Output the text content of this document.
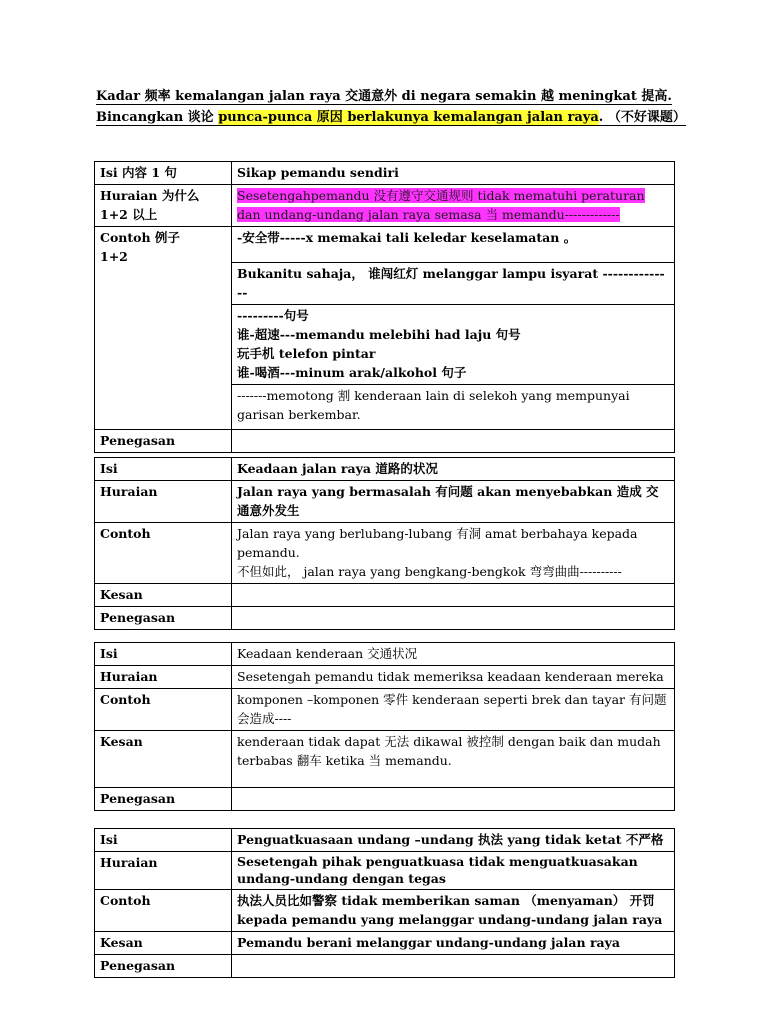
Kadar 频率 kemalangan jalan raya 交通意外 di negara semakin 越 meningkat 提高.
Bincangkan 谈论 punca-punca 原因 berlakunya kemalangan jalan raya. （不好课题）
Isi 内容 1 句	Sikap pemandu sendiri
Huraian 为什么
1+2 以上	Sesetengahpemandu 没有遵守交通规则 tidak mematuhi peraturan dan undang-undang jalan raya semasa 当 memandu-------------
Contoh 例子
1+2	-安全带-----x memakai tali keledar keselamatan 。
	Bukanitu sahaja， 谁闯红灯 melanggar lampu isyarat --------------
	---------句号
谁-超速---memandu melebihi had laju 句号
玩手机 telefon pintar
谁-喝酒---minum arak/alkohol 句子
	-------memotong 割 kenderaan lain di selekoh yang mempunyai garisan berkembar.
Penegasan	
Isi	Keadaan jalan raya 道路的状况
Huraian	Jalan raya yang bermasalah 有问题 akan menyebabkan 造成 交通意外发生
Contoh	Jalan raya yang berlubang-lubang 有洞 amat berbahaya kepada pemandu.
不但如此， jalan raya yang bengkang-bengkok 弯弯曲曲----------
Kesan	
Penegasan	
Isi	Keadaan kenderaan 交通状况
Huraian	Sesetengah pemandu tidak memeriksa keadaan kenderaan mereka
Contoh	komponen –komponen 零件 kenderaan seperti brek dan tayar 有问题会造成----
Kesan	kenderaan tidak dapat 无法 dikawal 被控制 dengan baik dan mudah terbabas 翻车 ketika 当 memandu.
Penegasan	
Isi	Penguatkuasaan undang –undang 执法 yang tidak ketat 不严格
Huraian	Sesetengah pihak penguatkuasa tidak menguatkuasakan undang-undang dengan tegas
Contoh	执法人员比如警察 tidak memberikan saman （menyaman） 开罚 kepada pemandu yang melanggar undang-undang jalan raya
Kesan	Pemandu berani melanggar undang-undang jalan raya
Penegasan	
